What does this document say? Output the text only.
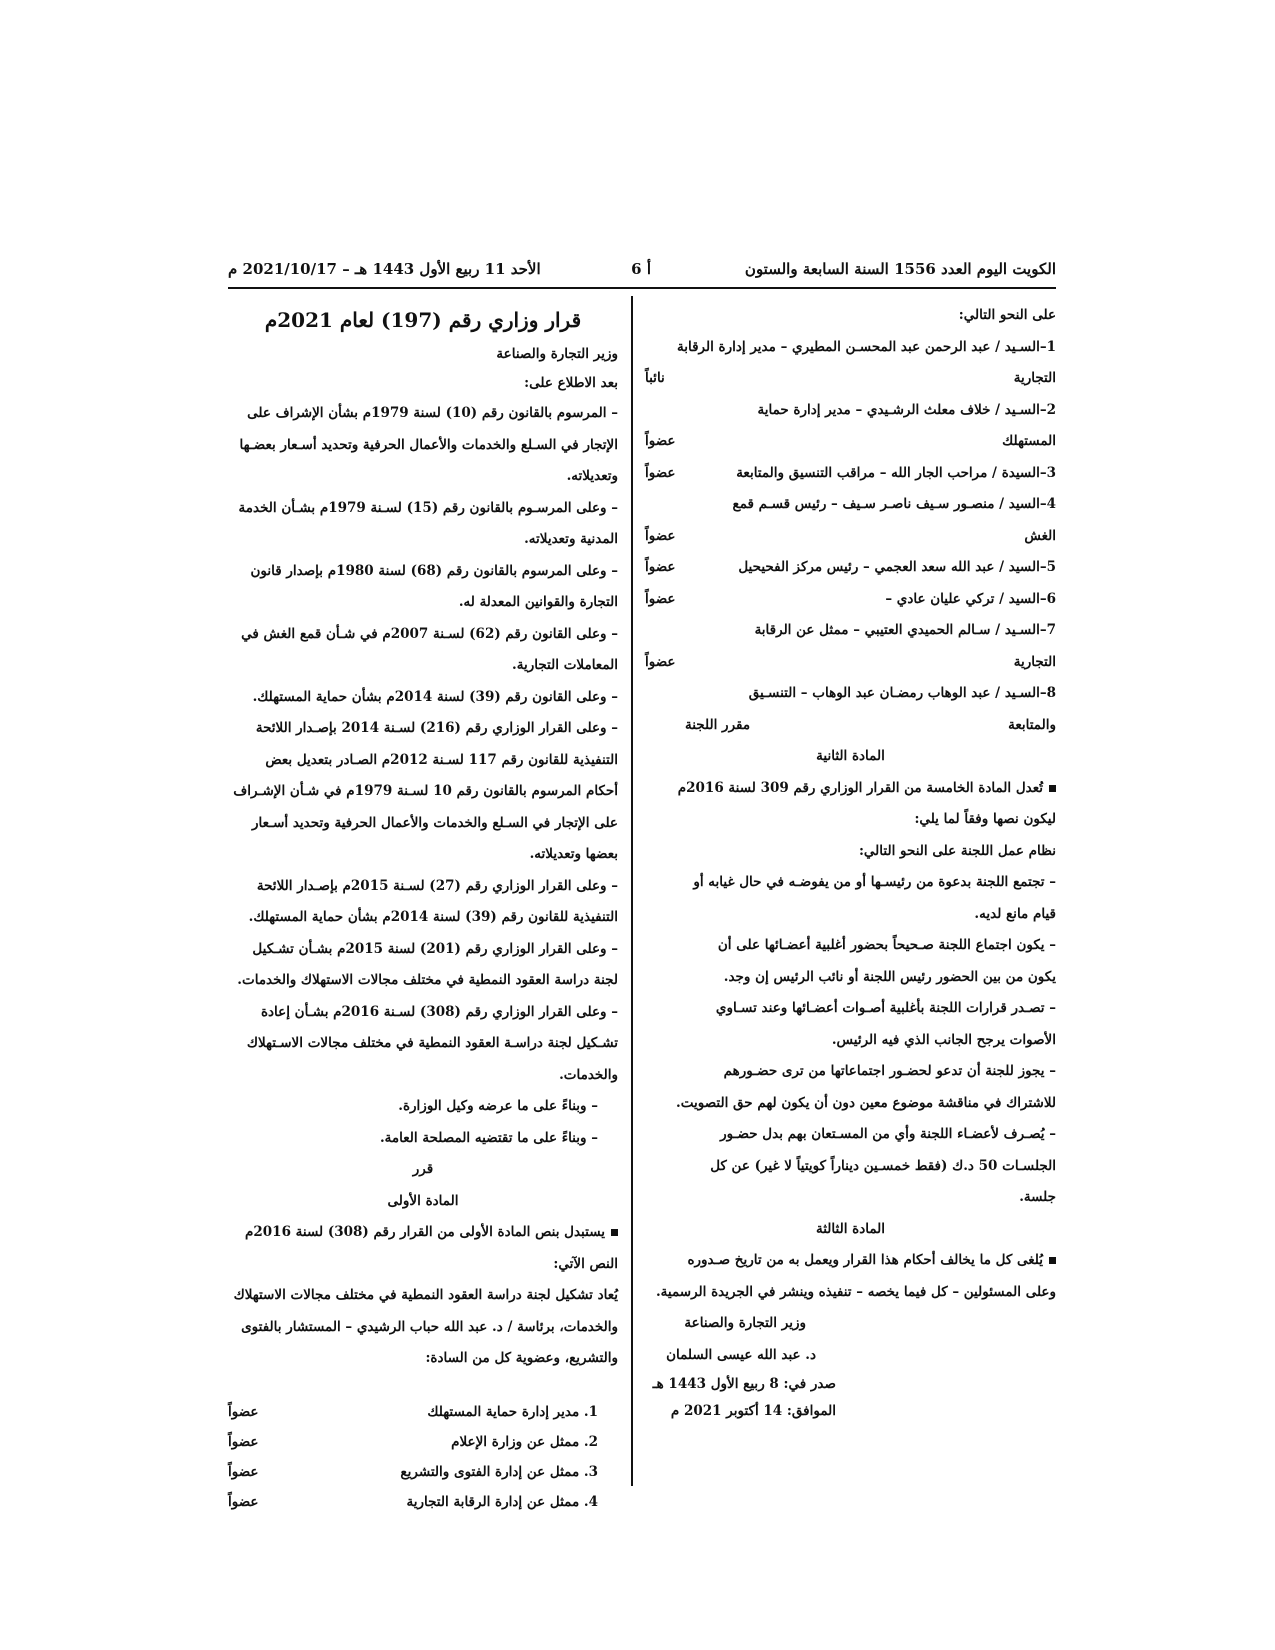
الكويت اليوم العدد 1556 السنة السابعة والستون
أ 6
الأحد 11 ربيع الأول 1443 هـ – 2021/10/17 م
على النحو التالي:
1–السـيد / عبد الرحمن عبد المحسـن المطيري – مدير إدارة الرقابة
التجارية
نائباً
2–السـيد / خلاف معلث الرشـيدي – مدير إدارة حماية
المستهلك
عضواً
3–السيدة / مراحب الجار الله – مراقب التنسيق والمتابعة
عضواً
4–السيد / منصـور سـيف ناصـر سـيف – رئيس قسـم قمع
الغش
عضواً
5–السيد / عبد الله سعد العجمي – رئيس مركز الفحيحيل
عضواً
6–السيد / تركي عليان عادي –
عضواً
7–السـيد / سـالم الحميدي العتيبي – ممثل عن الرقابة
التجارية
عضواً
8–السـيد / عبد الوهاب رمضـان عبد الوهاب – التنسـيق
والمتابعة
مقرر اللجنة
المادة الثانية
تُعدل المادة الخامسة من القرار الوزاري رقم 309 لسنة 2016م
ليكون نصها وفقاً لما يلي:
نظام عمل اللجنة على النحو التالي:
– تجتمع اللجنة بدعوة من رئيسـها أو من يفوضـه في حال غيابه أو
قيام مانع لديه.
– يكون اجتماع اللجنة صـحيحاً بحضور أغلبية أعضـائها على أن
يكون من بين الحضور رئيس اللجنة أو نائب الرئيس إن وجد.
– تصـدر قرارات اللجنة بأغلبية أصـوات أعضـائها وعند تسـاوي
الأصوات يرجح الجانب الذي فيه الرئيس.
– يجوز للجنة أن تدعو لحضـور اجتماعاتها من ترى حضـورهم
للاشتراك في مناقشة موضوع معين دون أن يكون لهم حق التصويت.
– يُصـرف لأعضـاء اللجنة وأي من المسـتعان بهم بدل حضـور
الجلسـات 50 د.ك (فقط خمسـين ديناراً كويتياً لا غير) عن كل
جلسة.
المادة الثالثة
يُلغى كل ما يخالف أحكام هذا القرار ويعمل به من تاريخ صـدوره
وعلى المسئولين – كل فيما يخصه – تنفيذه وينشر في الجريدة الرسمية.
وزير التجارة والصناعة
د. عبد الله عيسى السلمان
صدر في: 8 ربيع الأول 1443 هـ
الموافق: 14 أكتوبر 2021 م
قرار وزاري رقم (197) لعام 2021م
وزير التجارة والصناعة
بعد الاطلاع على:
– المرسوم بالقانون رقم (10) لسنة 1979م بشأن الإشراف على
الإتجار في السـلع والخدمات والأعمال الحرفية وتحديد أسـعار بعضـها
وتعديلاته.
– وعلى المرسـوم بالقانون رقم (15) لسـنة 1979م بشـأن الخدمة
المدنية وتعديلاته.
– وعلى المرسوم بالقانون رقم (68) لسنة 1980م بإصدار قانون
التجارة والقوانين المعدلة له.
– وعلى القانون رقم (62) لسـنة 2007م في شـأن قمع الغش في
المعاملات التجارية.
– وعلى القانون رقم (39) لسنة 2014م بشأن حماية المستهلك.
– وعلى القرار الوزاري رقم (216) لسـنة 2014 بإصـدار اللائحة
التنفيذية للقانون رقم 117 لسـنة 2012م الصـادر بتعديل بعض
أحكام المرسوم بالقانون رقم 10 لسـنة 1979م في شـأن الإشـراف
على الإتجار في السـلع والخدمات والأعمال الحرفية وتحديد أسـعار
بعضها وتعديلاته.
– وعلى القرار الوزاري رقم (27) لسـنة 2015م بإصـدار اللائحة
التنفيذية للقانون رقم (39) لسنة 2014م بشأن حماية المستهلك.
– وعلى القرار الوزاري رقم (201) لسنة 2015م بشـأن تشـكيل
لجنة دراسة العقود النمطية في مختلف مجالات الاستهلاك والخدمات.
– وعلى القرار الوزاري رقم (308) لسـنة 2016م بشـأن إعادة
تشـكيل لجنة دراسـة العقود النمطية في مختلف مجالات الاسـتهلاك
والخدمات.
– وبناءً على ما عرضه وكيل الوزارة.
– وبناءً على ما تقتضيه المصلحة العامة.
قرر
المادة الأولى
يستبدل بنص المادة الأولى من القرار رقم (308) لسنة 2016م
النص الآتي:
يُعاد تشكيل لجنة دراسة العقود النمطية في مختلف مجالات الاستهلاك
والخدمات، برئاسة / د. عبد الله حباب الرشيدي – المستشار بالفتوى
والتشريع، وعضوية كل من السادة:
1. مدير إدارة حماية المستهلك
عضواً
2. ممثل عن وزارة الإعلام
عضواً
3. ممثل عن إدارة الفتوى والتشريع
عضواً
4. ممثل عن إدارة الرقابة التجارية
عضواً
